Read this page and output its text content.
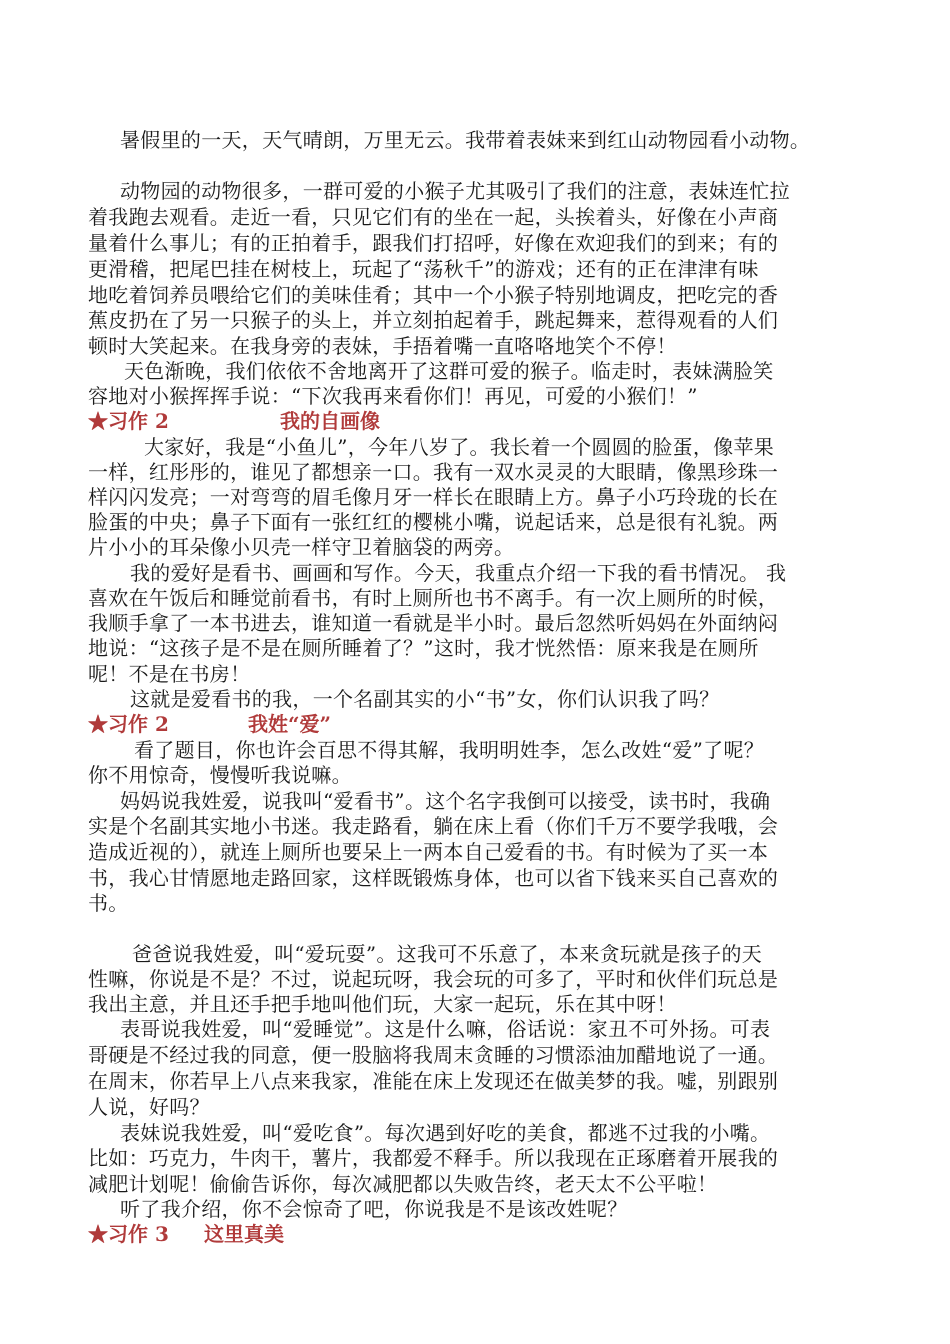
暑假里的一天，天气晴朗，万里无云。我带着表妹来到红山动物园看小动物。
动物园的动物很多，一群可爱的小猴子尤其吸引了我们的注意，表妹连忙拉
着我跑去观看。走近一看，只见它们有的坐在一起，头挨着头，好像在小声商
量着什么事儿；有的正拍着手，跟我们打招呼，好像在欢迎我们的到来；有的
更滑稽，把尾巴挂在树枝上，玩起了“荡秋千”的游戏；还有的正在津津有味
地吃着饲养员喂给它们的美味佳肴；其中一个小猴子特别地调皮，把吃完的香
蕉皮扔在了另一只猴子的头上，并立刻拍起着手，跳起舞来，惹得观看的人们
顿时大笑起来。在我身旁的表妹，手捂着嘴一直咯咯地笑个不停！
天色渐晚，我们依依不舍地离开了这群可爱的猴子。临走时，表妹满脸笑
容地对小猴挥挥手说：“下次我再来看你们！再见，可爱的小猴们！”
★习作 2	我的自画像
大家好，我是“小鱼儿”，今年八岁了。我长着一个圆圆的脸蛋，像苹果
一样，红彤彤的，谁见了都想亲一口。我有一双水灵灵的大眼睛，像黑珍珠一
样闪闪发亮；一对弯弯的眉毛像月牙一样长在眼睛上方。鼻子小巧玲珑的长在
脸蛋的中央；鼻子下面有一张红红的樱桃小嘴，说起话来，总是很有礼貌。两
片小小的耳朵像小贝壳一样守卫着脑袋的两旁。
我的爱好是看书、画画和写作。今天，我重点介绍一下我的看书情况。 我
喜欢在午饭后和睡觉前看书，有时上厕所也书不离手。有一次上厕所的时候，
我顺手拿了一本书进去，谁知道一看就是半小时。最后忽然听妈妈在外面纳闷
地说：“这孩子是不是在厕所睡着了？”这时，我才恍然悟：原来我是在厕所
呢！不是在书房！
这就是爱看书的我，一个名副其实的小“书”女，你们认识我了吗？
★习作 2	我姓“爱”
看了题目，你也许会百思不得其解，我明明姓李，怎么改姓“爱”了呢？
你不用惊奇，慢慢听我说嘛。
妈妈说我姓爱，说我叫“爱看书”。这个名字我倒可以接受，读书时，我确
实是个名副其实地小书迷。我走路看，躺在床上看（你们千万不要学我哦，会
造成近视的），就连上厕所也要呆上一两本自己爱看的书。有时候为了买一本
书，我心甘情愿地走路回家，这样既锻炼身体，也可以省下钱来买自己喜欢的
书。
爸爸说我姓爱，叫“爱玩耍”。这我可不乐意了，本来贪玩就是孩子的天
性嘛，你说是不是？不过，说起玩呀，我会玩的可多了，平时和伙伴们玩总是
我出主意，并且还手把手地叫他们玩，大家一起玩，乐在其中呀！
表哥说我姓爱，叫“爱睡觉”。这是什么嘛，俗话说：家丑不可外扬。可表
哥硬是不经过我的同意，便一股脑将我周末贪睡的习惯添油加醋地说了一通。
在周末，你若早上八点来我家，准能在床上发现还在做美梦的我。嘘，别跟别
人说，好吗？
表妹说我姓爱，叫“爱吃食”。每次遇到好吃的美食，都逃不过我的小嘴。
比如：巧克力，牛肉干，薯片，我都爱不释手。所以我现在正琢磨着开展我的
减肥计划呢！偷偷告诉你，每次减肥都以失败告终，老天太不公平啦！
听了我介绍，你不会惊奇了吧，你说我是不是该改姓呢？
★习作 3 这里真美
